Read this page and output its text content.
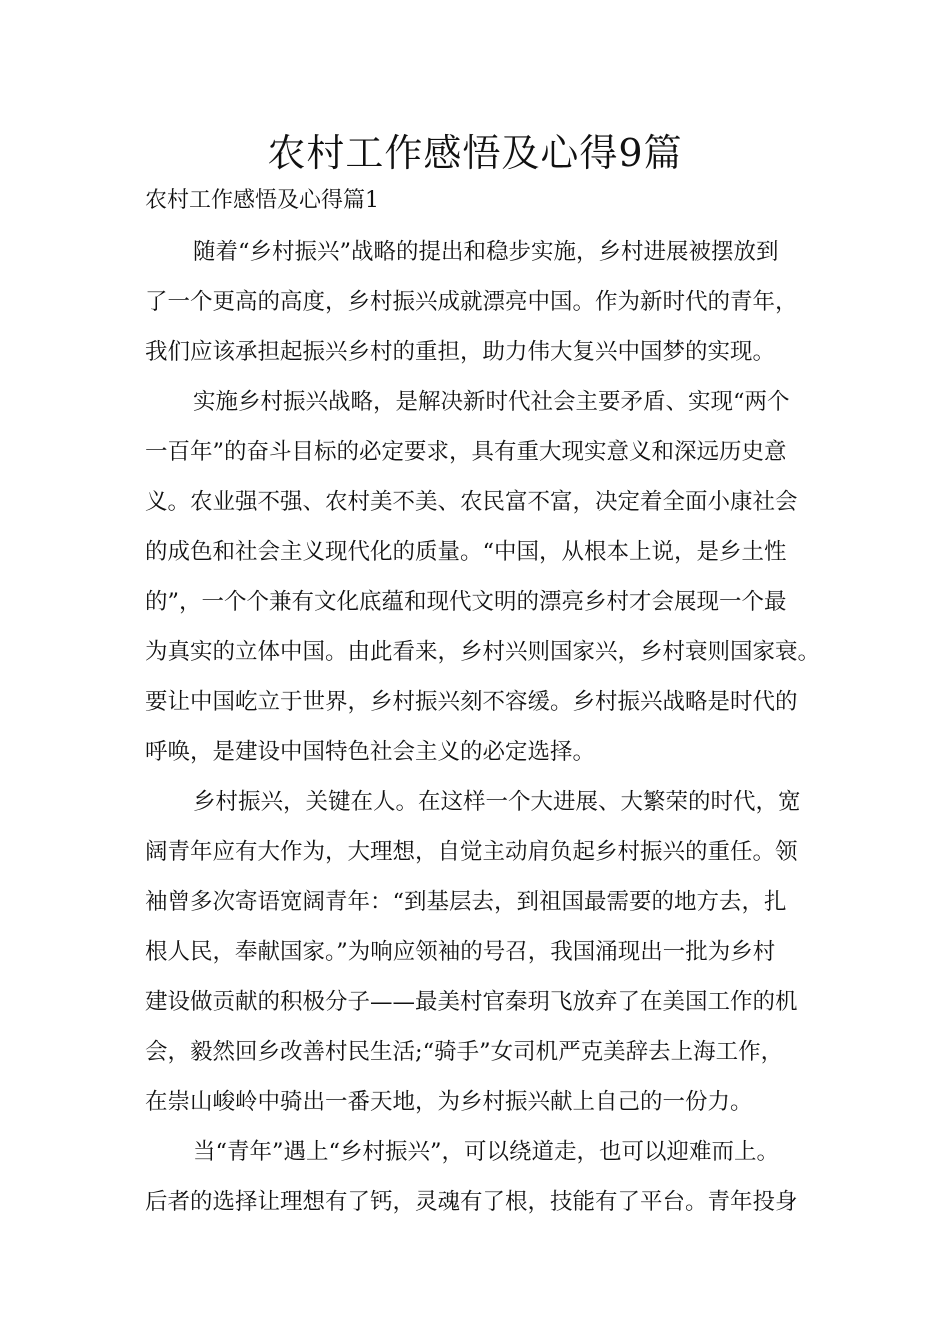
农村工作感悟及心得9篇
农村工作感悟及心得篇1
随着“乡村振兴”战略的提出和稳步实施，乡村进展被摆放到
了一个更高的高度，乡村振兴成就漂亮中国。作为新时代的青年，
我们应该承担起振兴乡村的重担，助力伟大复兴中国梦的实现。
实施乡村振兴战略，是解决新时代社会主要矛盾、实现“两个
一百年”的奋斗目标的必定要求，具有重大现实意义和深远历史意
义。农业强不强、农村美不美、农民富不富，决定着全面小康社会
的成色和社会主义现代化的质量。“中国，从根本上说，是乡土性
的”，一个个兼有文化底蕴和现代文明的漂亮乡村才会展现一个最
为真实的立体中国。由此看来，乡村兴则国家兴，乡村衰则国家衰。
要让中国屹立于世界，乡村振兴刻不容缓。乡村振兴战略是时代的
呼唤，是建设中国特色社会主义的必定选择。
乡村振兴，关键在人。在这样一个大进展、大繁荣的时代，宽
阔青年应有大作为，大理想，自觉主动肩负起乡村振兴的重任。领
袖曾多次寄语宽阔青年：“到基层去，到祖国最需要的地方去，扎
根人民，奉献国家。”为响应领袖的号召，我国涌现出一批为乡村
建设做贡献的积极分子——最美村官秦玥飞放弃了在美国工作的机
会，毅然回乡改善村民生活;“骑手”女司机严克美辞去上海工作，
在崇山峻岭中骑出一番天地，为乡村振兴献上自己的一份力。
当“青年”遇上“乡村振兴”，可以绕道走，也可以迎难而上。
后者的选择让理想有了钙，灵魂有了根，技能有了平台。青年投身
